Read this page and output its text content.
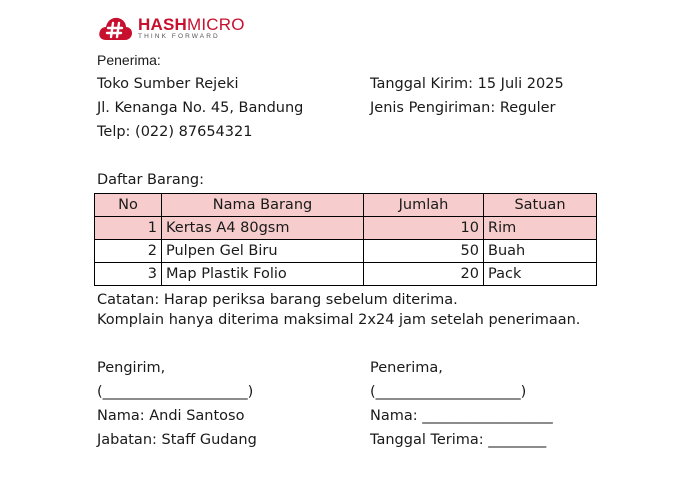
HASHMICRO
THINK FORWARD
Penerima:
Toko Sumber Rejeki
Jl. Kenanga No. 45, Bandung
Telp: (022) 87654321
Tanggal Kirim: 15 Juli 2025
Jenis Pengiriman: Reguler
Daftar Barang:
No	Nama Barang	Jumlah	Satuan
1	Kertas A4 80gsm	10	Rim
2	Pulpen Gel Biru	50	Buah
3	Map Plastik Folio	20	Pack
Catatan: Harap periksa barang sebelum diterima.
Komplain hanya diterima maksimal 2x24 jam setelah penerimaan.
Pengirim,
(____________________)
Nama: Andi Santoso
Jabatan: Staff Gudang
Penerima,
(____________________)
Nama: __________________
Tanggal Terima: ________
